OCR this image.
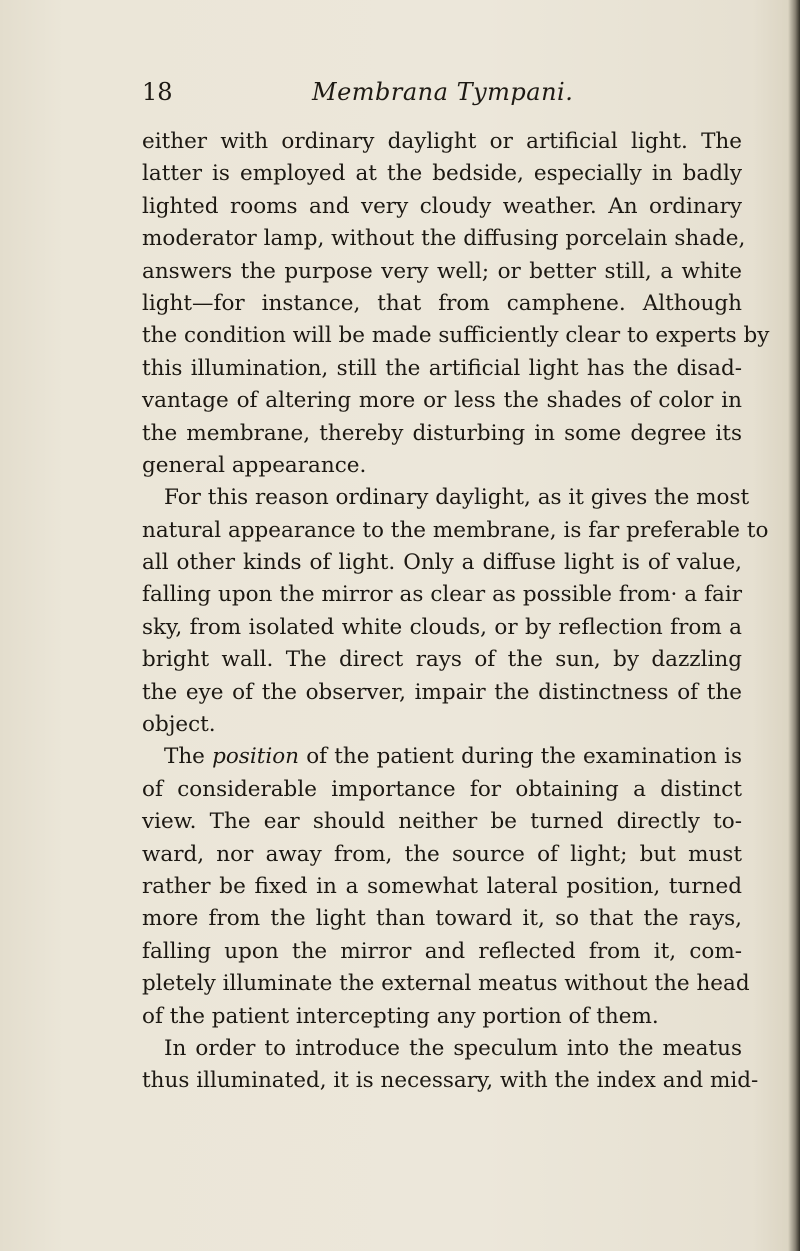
18	Membrana Tympani.
either with ordinary daylight or artificial light. The
latter is employed at the bedside, especially in badly
lighted rooms and very cloudy weather. An ordinary
moderator lamp, without the diffusing porcelain shade,
answers the purpose very well; or better still, a white
light—for instance, that from camphene. Although
the condition will be made sufficiently clear to experts by
this illumination, still the artificial light has the disad-
vantage of altering more or less the shades of color in
the membrane, thereby disturbing in some degree its
general appearance.
For this reason ordinary daylight, as it gives the most
natural appearance to the membrane, is far preferable to
all other kinds of light. Only a diffuse light is of value,
falling upon the mirror as clear as possible from· a fair
sky, from isolated white clouds, or by reflection from a
bright wall. The direct rays of the sun, by dazzling
the eye of the observer, impair the distinctness of the
object.
The position of the patient during the examination is
of considerable importance for obtaining a distinct
view. The ear should neither be turned directly to-
ward, nor away from, the source of light; but must
rather be fixed in a somewhat lateral position, turned
more from the light than toward it, so that the rays,
falling upon the mirror and reflected from it, com-
pletely illuminate the external meatus without the head
of the patient intercepting any portion of them.
In order to introduce the speculum into the meatus
thus illuminated, it is necessary, with the index and mid-
